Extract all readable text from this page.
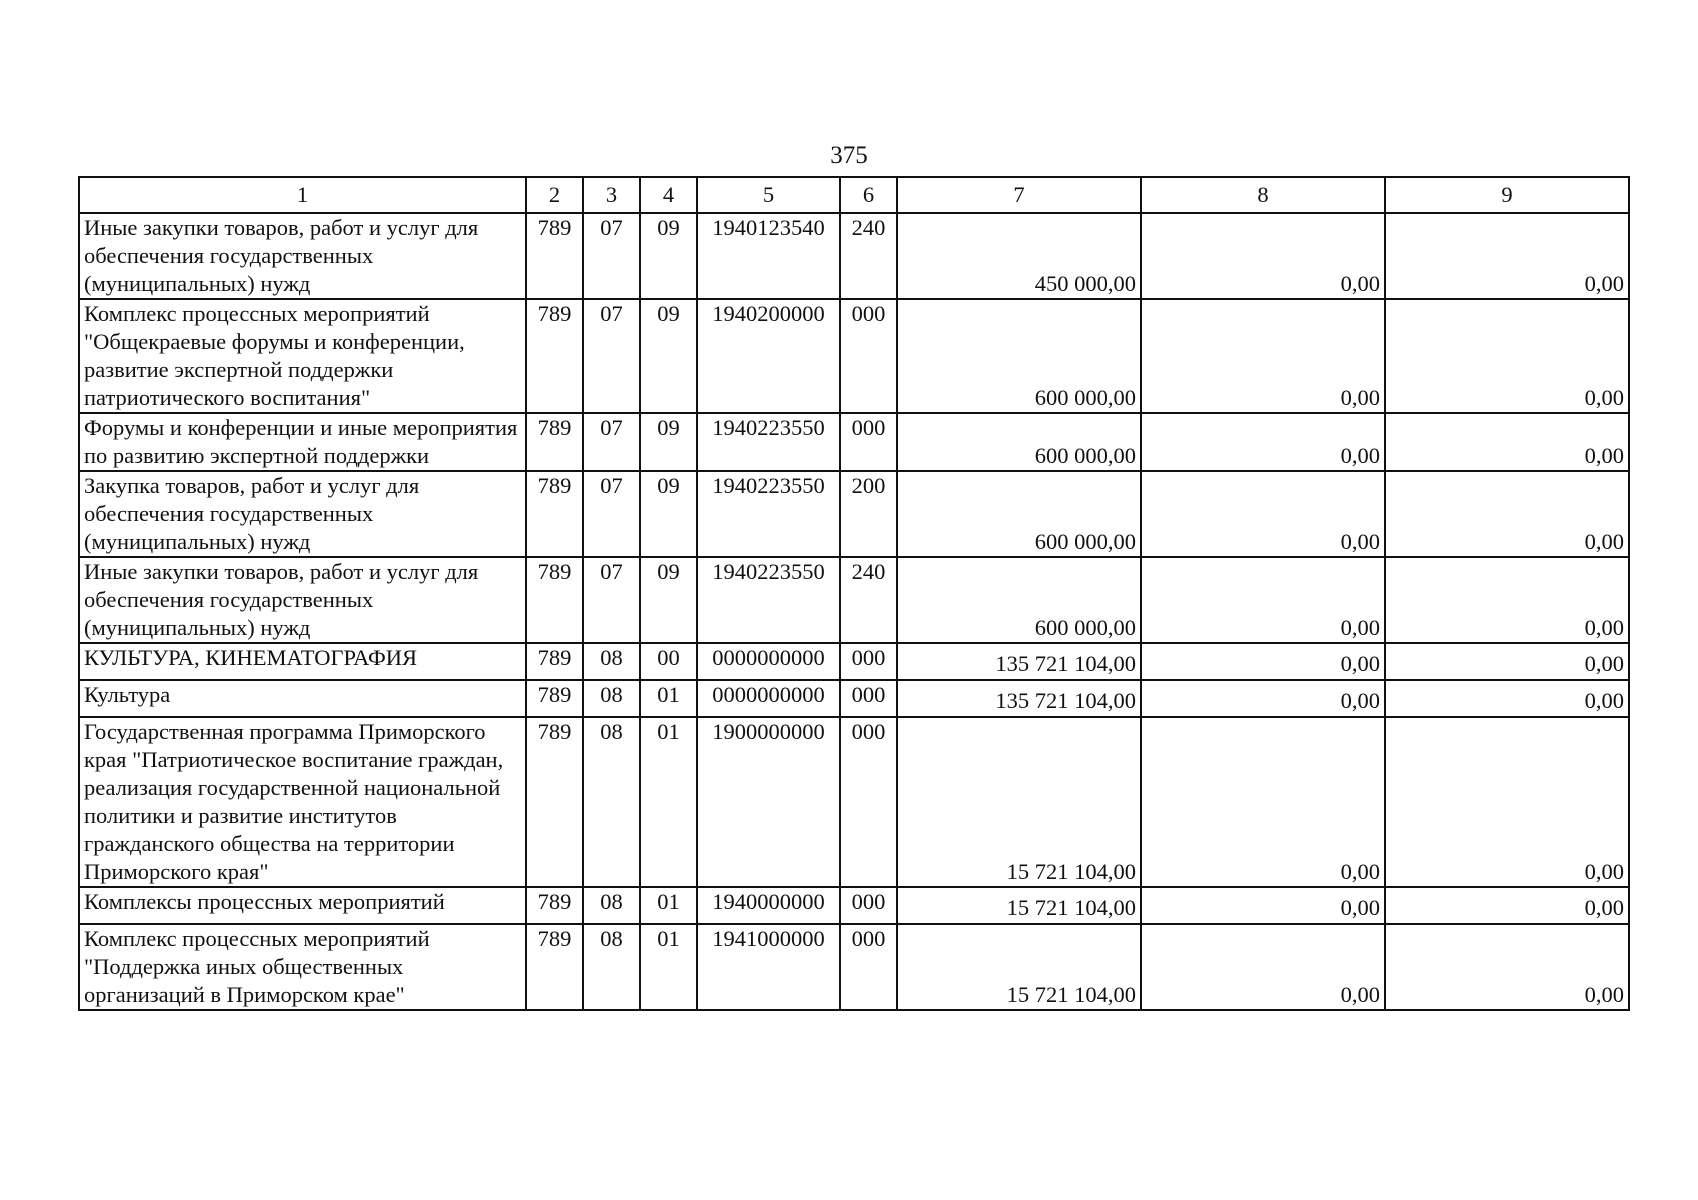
375
1	2	3	4	5	6	7	8	9
Иные закупки товаров, работ и услуг для обеспечения государственных (муниципальных) нужд	789	07	09	1940123540	240	450 000,00	0,00	0,00
Комплекс процессных мероприятий "Общекраевые форумы и конференции, развитие экспертной поддержки патриотического воспитания"	789	07	09	1940200000	000	600 000,00	0,00	0,00
Форумы и конференции и иные мероприятия по развитию экспертной поддержки	789	07	09	1940223550	000	600 000,00	0,00	0,00
Закупка товаров, работ и услуг для обеспечения государственных (муниципальных) нужд	789	07	09	1940223550	200	600 000,00	0,00	0,00
Иные закупки товаров, работ и услуг для обеспечения государственных (муниципальных) нужд	789	07	09	1940223550	240	600 000,00	0,00	0,00
КУЛЬТУРА, КИНЕМАТОГРАФИЯ	789	08	00	0000000000	000	135 721 104,00	0,00	0,00
Культура	789	08	01	0000000000	000	135 721 104,00	0,00	0,00
Государственная программа Приморского края "Патриотическое воспитание граждан, реализация государственной национальной политики и развитие институтов гражданского общества на территории Приморского края"	789	08	01	1900000000	000	15 721 104,00	0,00	0,00
Комплексы процессных мероприятий	789	08	01	1940000000	000	15 721 104,00	0,00	0,00
Комплекс процессных мероприятий "Поддержка иных общественных организаций в Приморском крае"	789	08	01	1941000000	000	15 721 104,00	0,00	0,00
